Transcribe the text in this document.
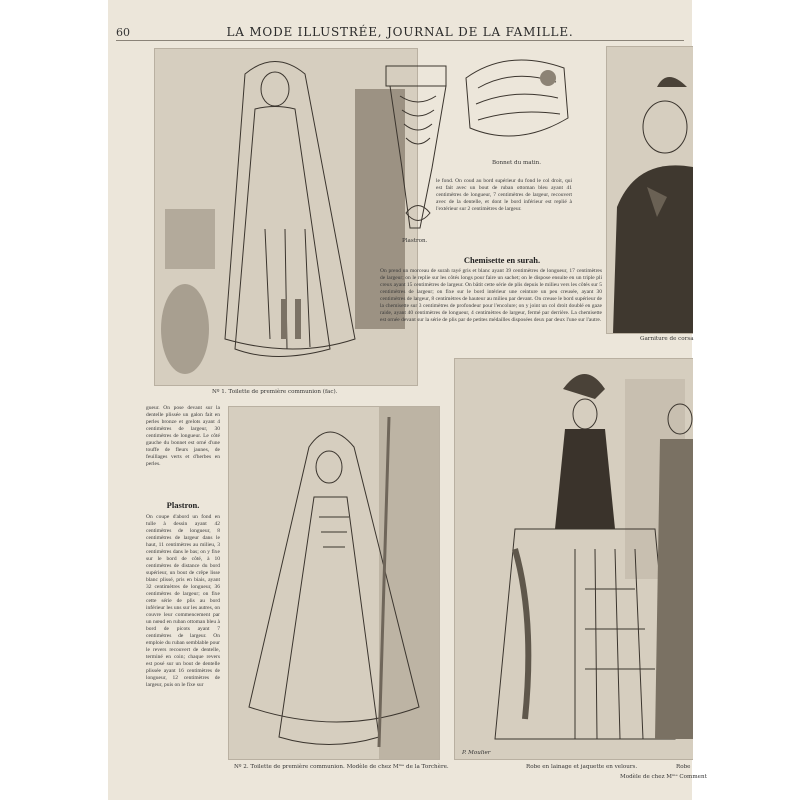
60	LA MODE ILLUSTRÉE, JOURNAL DE LA FAMILLE.
Nº 1. Toilette de première communion (fac).
Plastron.
Bonnet du matin.

le fond. On coud au bord supérieur du fond le col droit, qui est fait avec un bout de ruban ottoman bleu ayant 41 centimètres de longueur, 7 centimètres de largeur, recouvert avec de la dentelle, et dont le bord inférieur est replié à l'extérieur sur 2 centimètres de largeur.

Chemisette en surah.

On prend un morceau de surah rayé gris et blanc ayant 39 centimètres de longueur, 17 centimètres de largeur; on le replie sur les côtés longs pour faire un sachet; on le dispose ensuite en un triple pli creux ayant 15 centimètres de largeur. On bâtit cette série de plis depuis le milieu vers les côtés sur 5 centimètres de largeur; on fixe sur le bord intérieur une ceinture un peu creusée, ayant 30 centimètres de largeur, 8 centimètres de hauteur au milieu par devant. On creuse le bord supérieur de la chemisette sur 3 centimètres de profondeur pour l'encolure; on y joint un col droit doublé en gaze raide, ayant 40 centimètres de longueur, 4 centimètres de largeur, fermé par derrière. La chemisette est ornée devant sur la série de plis par de petites médailles disposées deux par deux l'une sur l'autre.

Garniture de corsa

gueur. On pose devant sur la dentelle plissée un galon fait en perles bronze et grelots ayant 4 centimètres de largeur, 30 centimètres de longueur. Le côté gauche du bonnet est orné d'une touffe de fleurs jaunes, de feuillages verts et d'herbes en perles.

Plastron.

On coupe d'abord un fond en tulle à dessin ayant 42 centimètres de longueur, 8 centimètres de largeur dans le haut, 11 centimètres au milieu, 3 centimètres dans le bas; on y fixe sur le bord de côté, à 10 centimètres de distance du bord supérieur, un bout de crêpe lisse blanc plissé, pris en biais, ayant 32 centimètres de longueur, 36 centimètres de largeur; on fixe cette série de plis au bord inférieur les uns sur les autres, on couvre leur commencement par un nœud en ruban ottoman bleu à bord de picots ayant 7 centimètres de largeur. On emploie du ruban semblable pour le revers recouvert de dentelle, terminé en coin; chaque revers est posé sur un bout de dentelle plissée ayant 16 centimètres de longueur, 12 centimètres de largeur, puis on le fixe sur

Nº 2. Toilette de première communion. Modèle de chez Mᵐᵉ de la Torchère.	Robe en lainage et jaquette en velours.	Robe
Modèle de chez Mᵐᵉ Comment
P. Moulier
